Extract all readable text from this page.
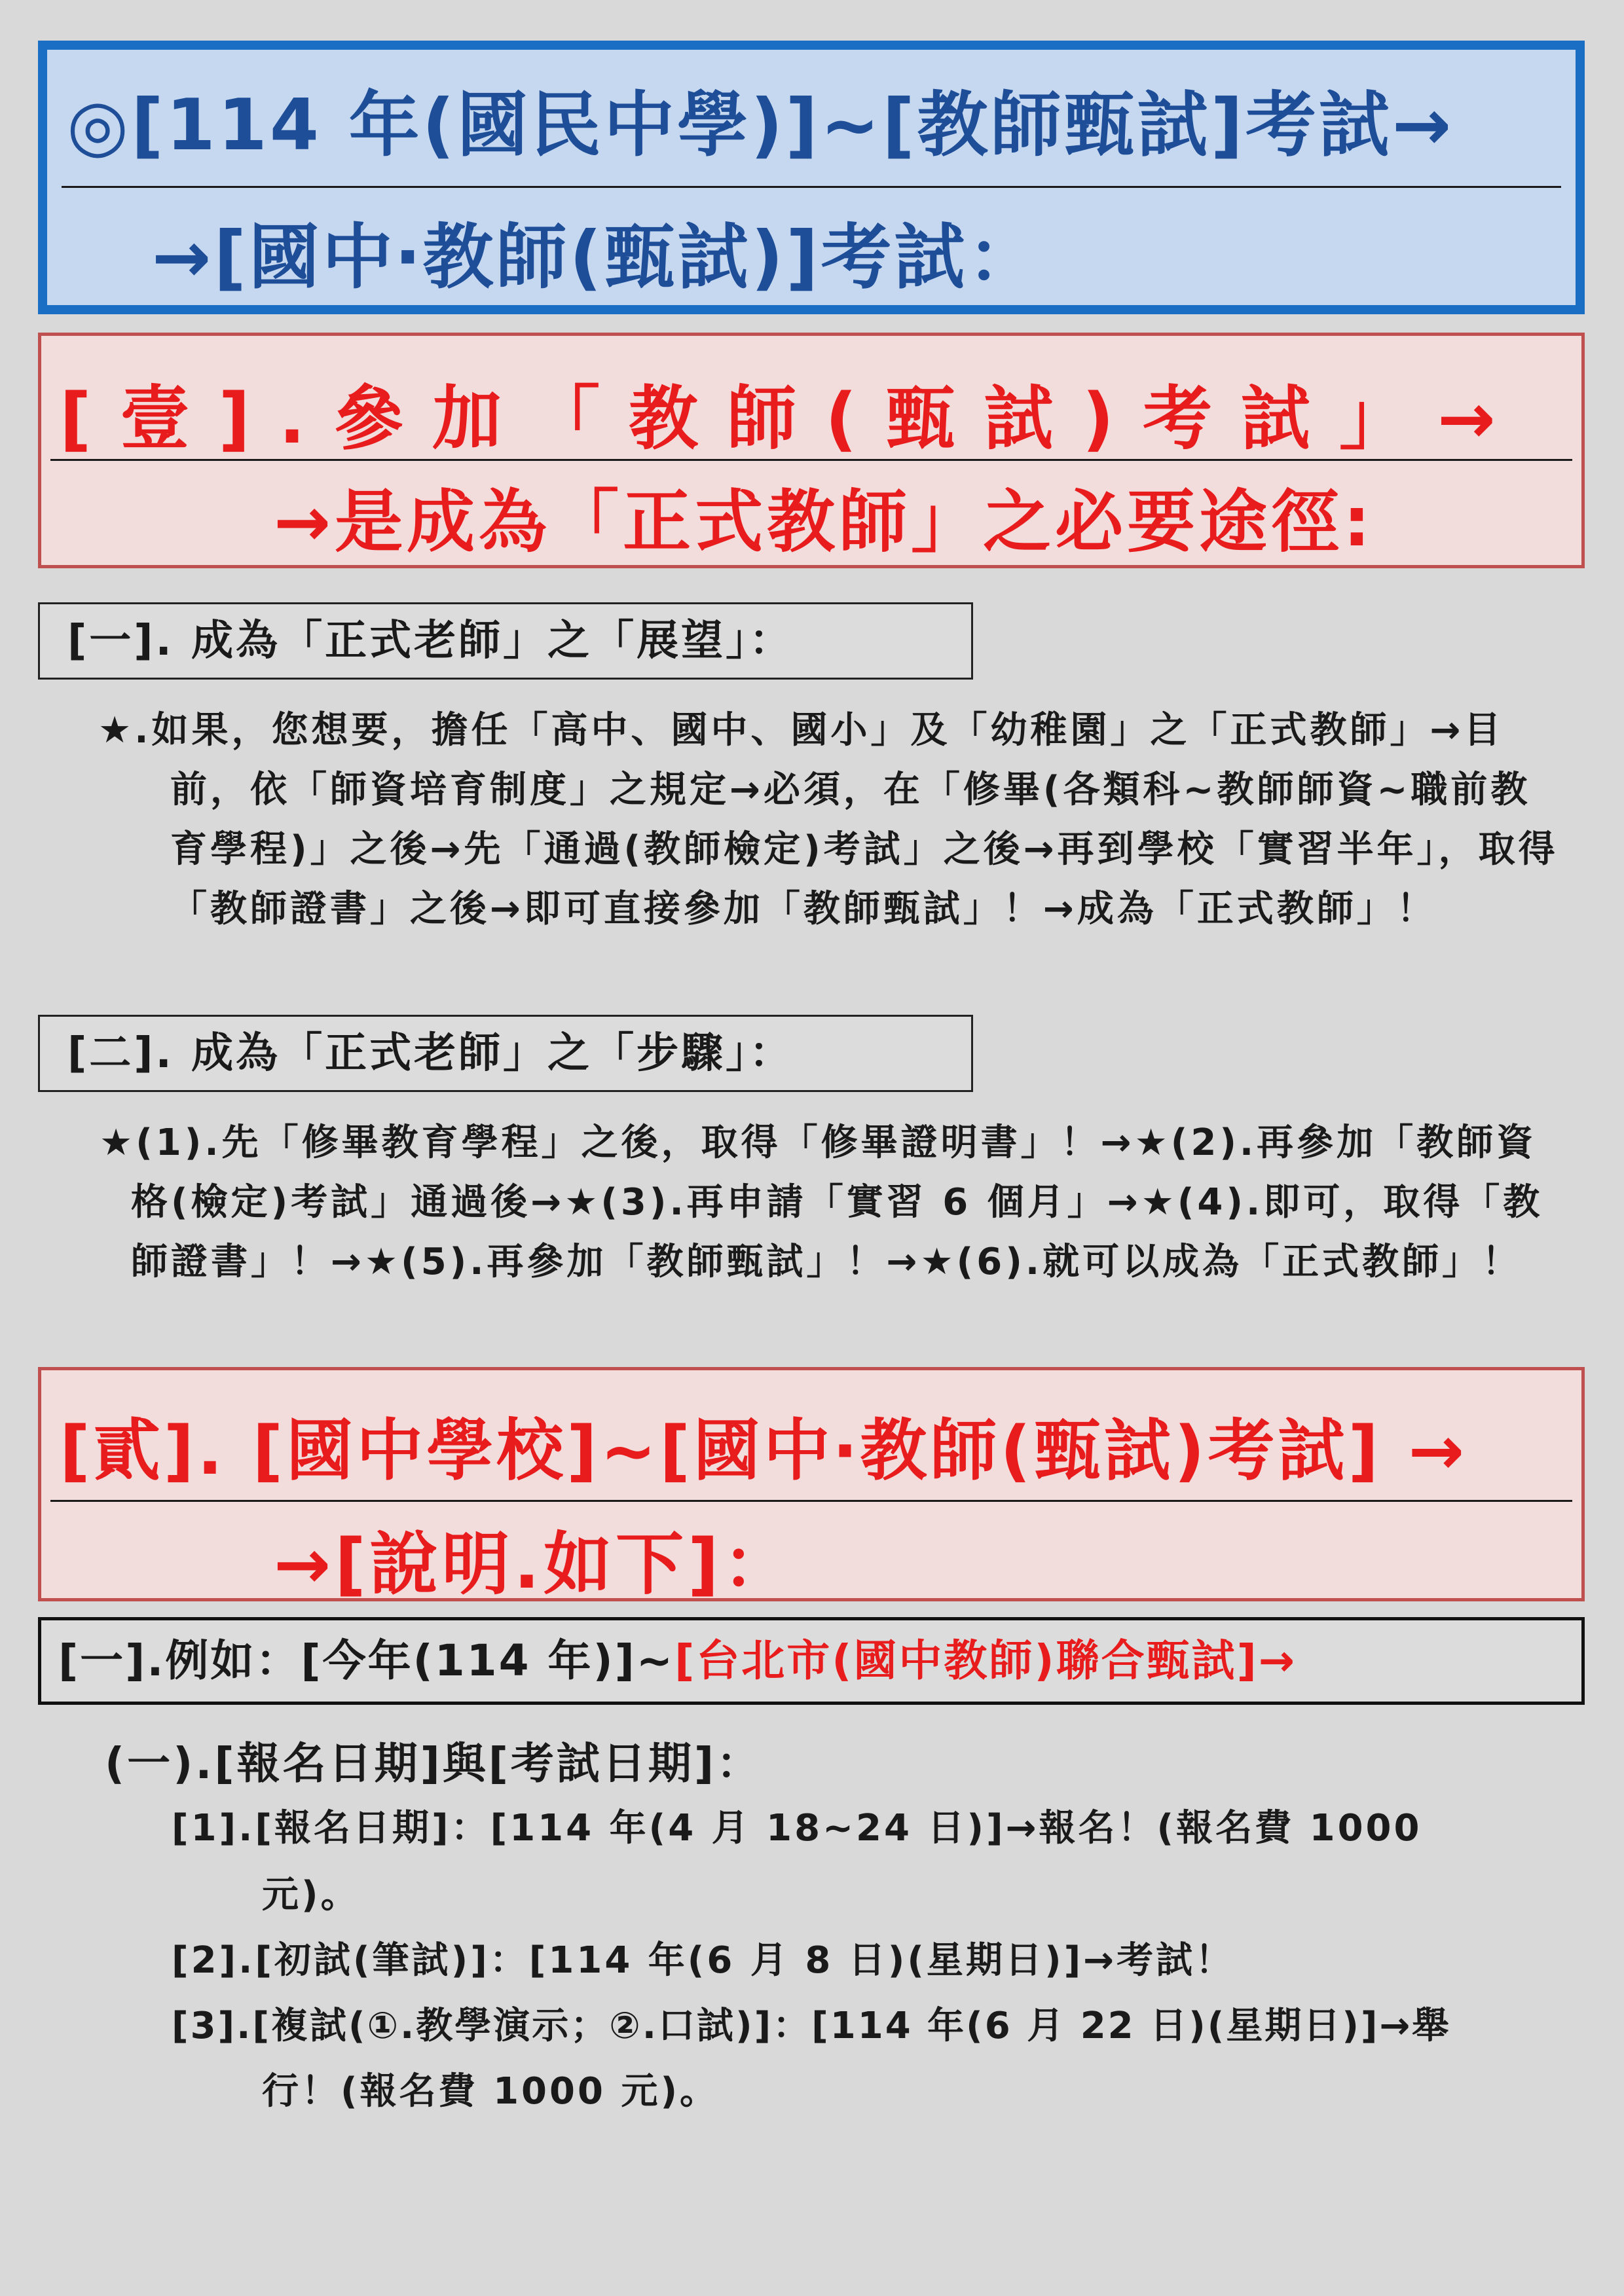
◎[114 年(國民中學)]~[教師甄試]考試→
→[國中‧教師(甄試)]考試：
[壹].參加「教師(甄試)考試」→
→是成為「正式教師」之必要途徑:
[一]. 成為「正式老師」之「展望」：
★.如果，您想要，擔任「高中、國中、國小」及「幼稚園」之「正式教師」→目前，依「師資培育制度」之規定→必須，在「修畢(各類科~教師師資~職前教育學程)」之後→先「通過(教師檢定)考試」之後→再到學校「實習半年」，取得「教師證書」之後→即可直接參加「教師甄試」！→成為「正式教師」！
[二]. 成為「正式老師」之「步驟」：
★(1).先「修畢教育學程」之後，取得「修畢證明書」！→★(2).再參加「教師資格(檢定)考試」通過後→★(3).再申請「實習 6 個月」→★(4).即可，取得「教師證書」！→★(5).再參加「教師甄試」！→★(6).就可以成為「正式教師」！
[貳]. [國中學校]~[國中‧教師(甄試)考試] →
→[說明.如下]：
[一].例如：[今年(114 年)]~[台北市(國中教師)聯合甄試]→
(一).[報名日期]與[考試日期]：
[1].[報名日期]：[114 年(4 月 18~24 日)]→報名！(報名費 1000
元)。
[2].[初試(筆試)]：[114 年(6 月 8 日)(星期日)]→考試！
[3].[複試(①.教學演示；②.口試)]：[114 年(6 月 22 日)(星期日)]→舉
行！(報名費 1000 元)。
